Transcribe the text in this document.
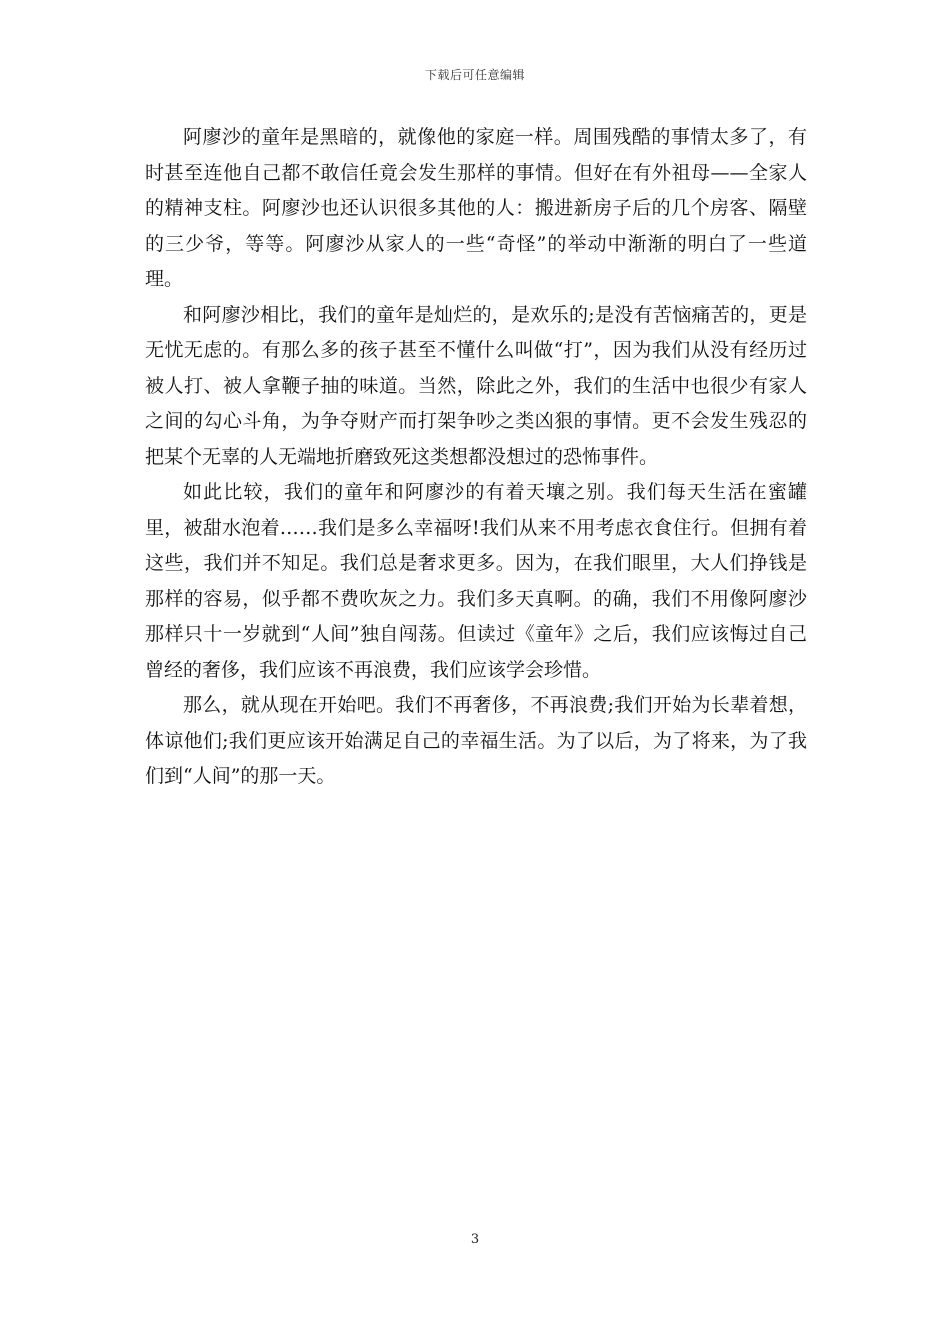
下载后可任意编辑

阿廖沙的童年是黑暗的，就像他的家庭一样。周围残酷的事情太多了，有时甚至连他自己都不敢信任竟会发生那样的事情。但好在有外祖母——全家人的精神支柱。阿廖沙也还认识很多其他的人：搬进新房子后的几个房客、隔壁的三少爷，等等。阿廖沙从家人的一些“奇怪”的举动中渐渐的明白了一些道理。

和阿廖沙相比，我们的童年是灿烂的，是欢乐的;是没有苦恼痛苦的，更是无忧无虑的。有那么多的孩子甚至不懂什么叫做“打”，因为我们从没有经历过被人打、被人拿鞭子抽的味道。当然，除此之外，我们的生活中也很少有家人之间的勾心斗角，为争夺财产而打架争吵之类凶狠的事情。更不会发生残忍的把某个无辜的人无端地折磨致死这类想都没想过的恐怖事件。

如此比较，我们的童年和阿廖沙的有着天壤之别。我们每天生活在蜜罐里，被甜水泡着……我们是多么幸福呀!我们从来不用考虑衣食住行。但拥有着这些，我们并不知足。我们总是奢求更多。因为，在我们眼里，大人们挣钱是那样的容易，似乎都不费吹灰之力。我们多天真啊。的确，我们不用像阿廖沙那样只十一岁就到“人间”独自闯荡。但读过《童年》之后，我们应该悔过自己曾经的奢侈，我们应该不再浪费，我们应该学会珍惜。

那么，就从现在开始吧。我们不再奢侈，不再浪费;我们开始为长辈着想，体谅他们;我们更应该开始满足自己的幸福生活。为了以后，为了将来，为了我们到“人间”的那一天。

3
